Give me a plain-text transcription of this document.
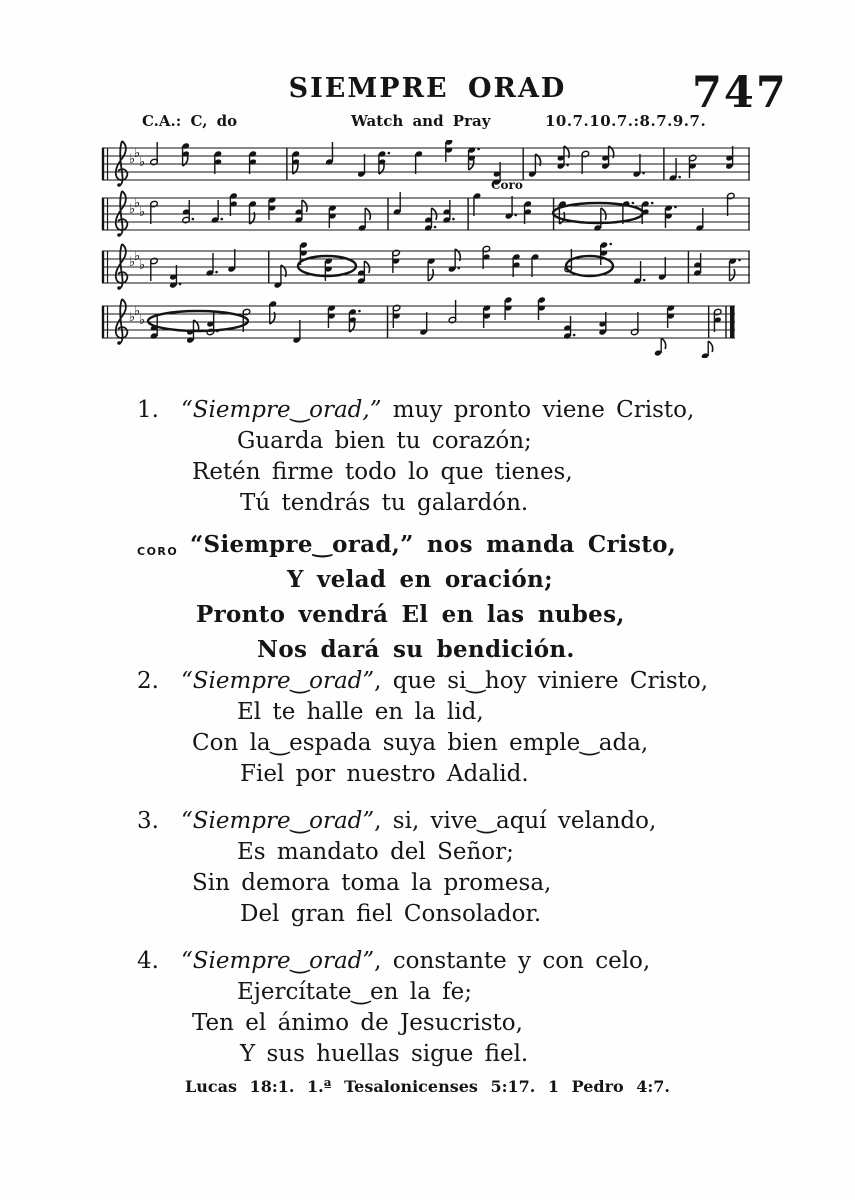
SIEMPRE ORAD	747
C.A.: C, do	Watch and Pray	10.7.10.7.:8.7.9.7.
♭
♭
♭
♭
♭
♭
♭
♭
♭
♭
♭
♭
Coro
1. “Siempre‿orad,” muy pronto viene Cristo,
Guarda bien tu corazón;
Retén firme todo lo que tienes,
Tú tendrás tu galardón.
CORO “Siempre‿orad,” nos manda Cristo,
Y velad en oración;
Pronto vendrá El en las nubes,
Nos dará su bendición.
2. “Siempre‿orad”, que si‿hoy viniere Cristo,
El te halle en la lid,
Con la‿espada suya bien emple‿ada,
Fiel por nuestro Adalid.
3. “Siempre‿orad”, si, vive‿aquí velando,
Es mandato del Señor;
Sin demora toma la promesa,
Del gran fiel Consolador.
4. “Siempre‿orad”, constante y con celo,
Ejercítate‿en la fe;
Ten el ánimo de Jesucristo,
Y sus huellas sigue fiel.
Lucas 18:1. 1.ª Tesalonicenses 5:17. 1 Pedro 4:7.
